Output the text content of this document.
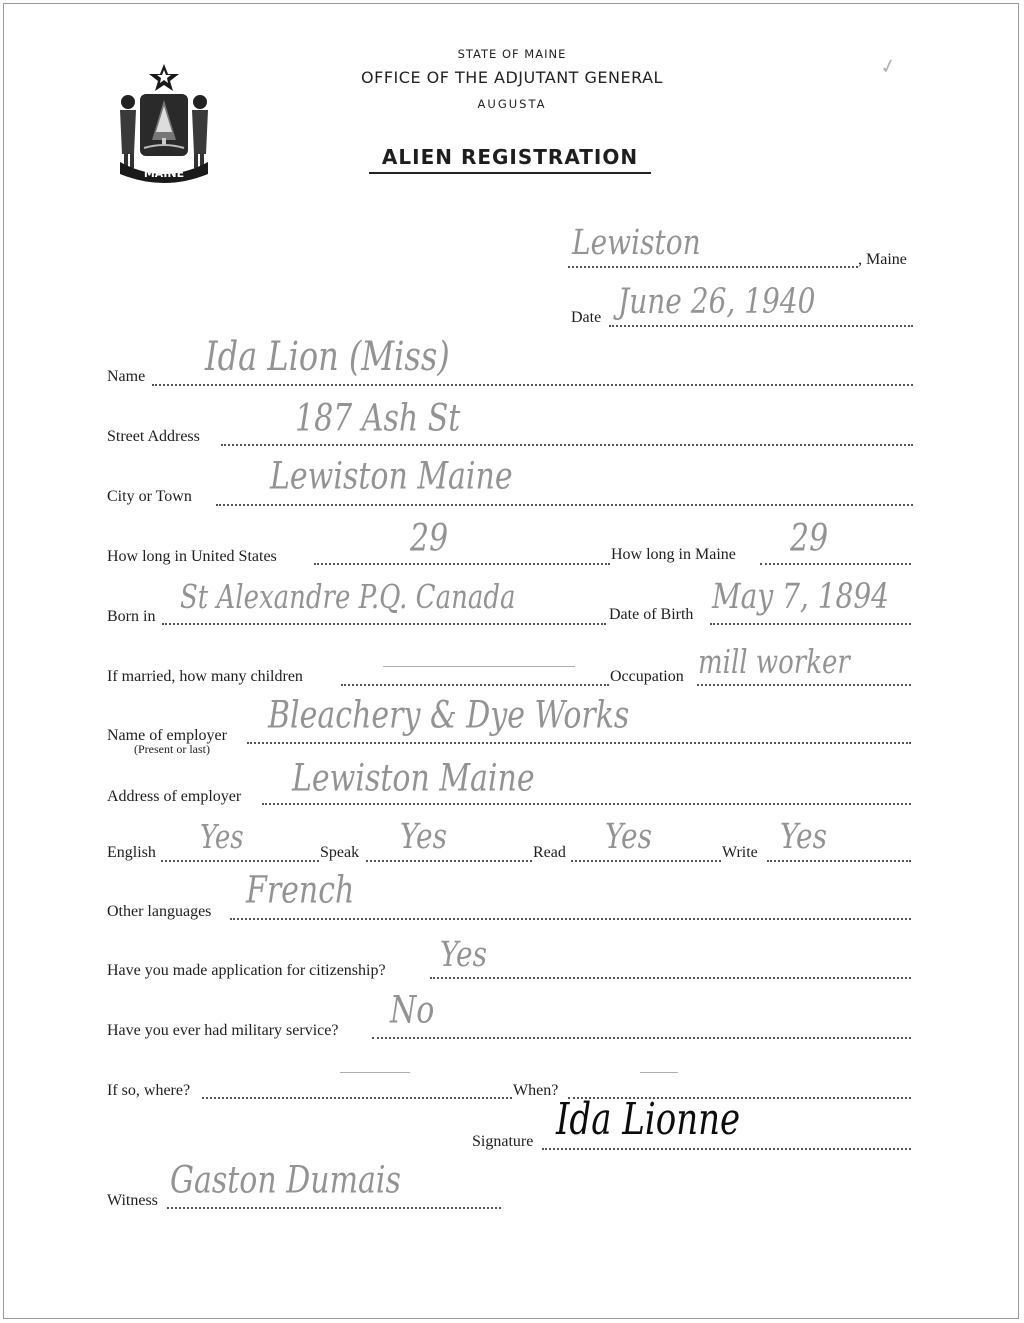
MAINE
STATE OF MAINE
OFFICE OF THE ADJUTANT GENERAL
AUGUSTA
ALIEN REGISTRATION
✓
Lewiston	, Maine
Date June 26, 1940
Name Ida Lion (Miss)
Street Address	187 Ash St
City or Town	Lewiston Maine
How long in United States	29	How long in Maine 29
Born in St Alexandre P.Q. Canada	Date of Birth May 7, 1894
If married, how many children	Occupation mill worker
Name of employer
(Present or last)
Bleachery & Dye Works
Address of employer Lewiston Maine
English Yes	Speak Yes	Read Yes	Write Yes
Other languages French
Have you made application for citizenship? Yes
Have you ever had military service? No
If so, where?	When?
Signature Ida Lionne
Witness Gaston Dumais
